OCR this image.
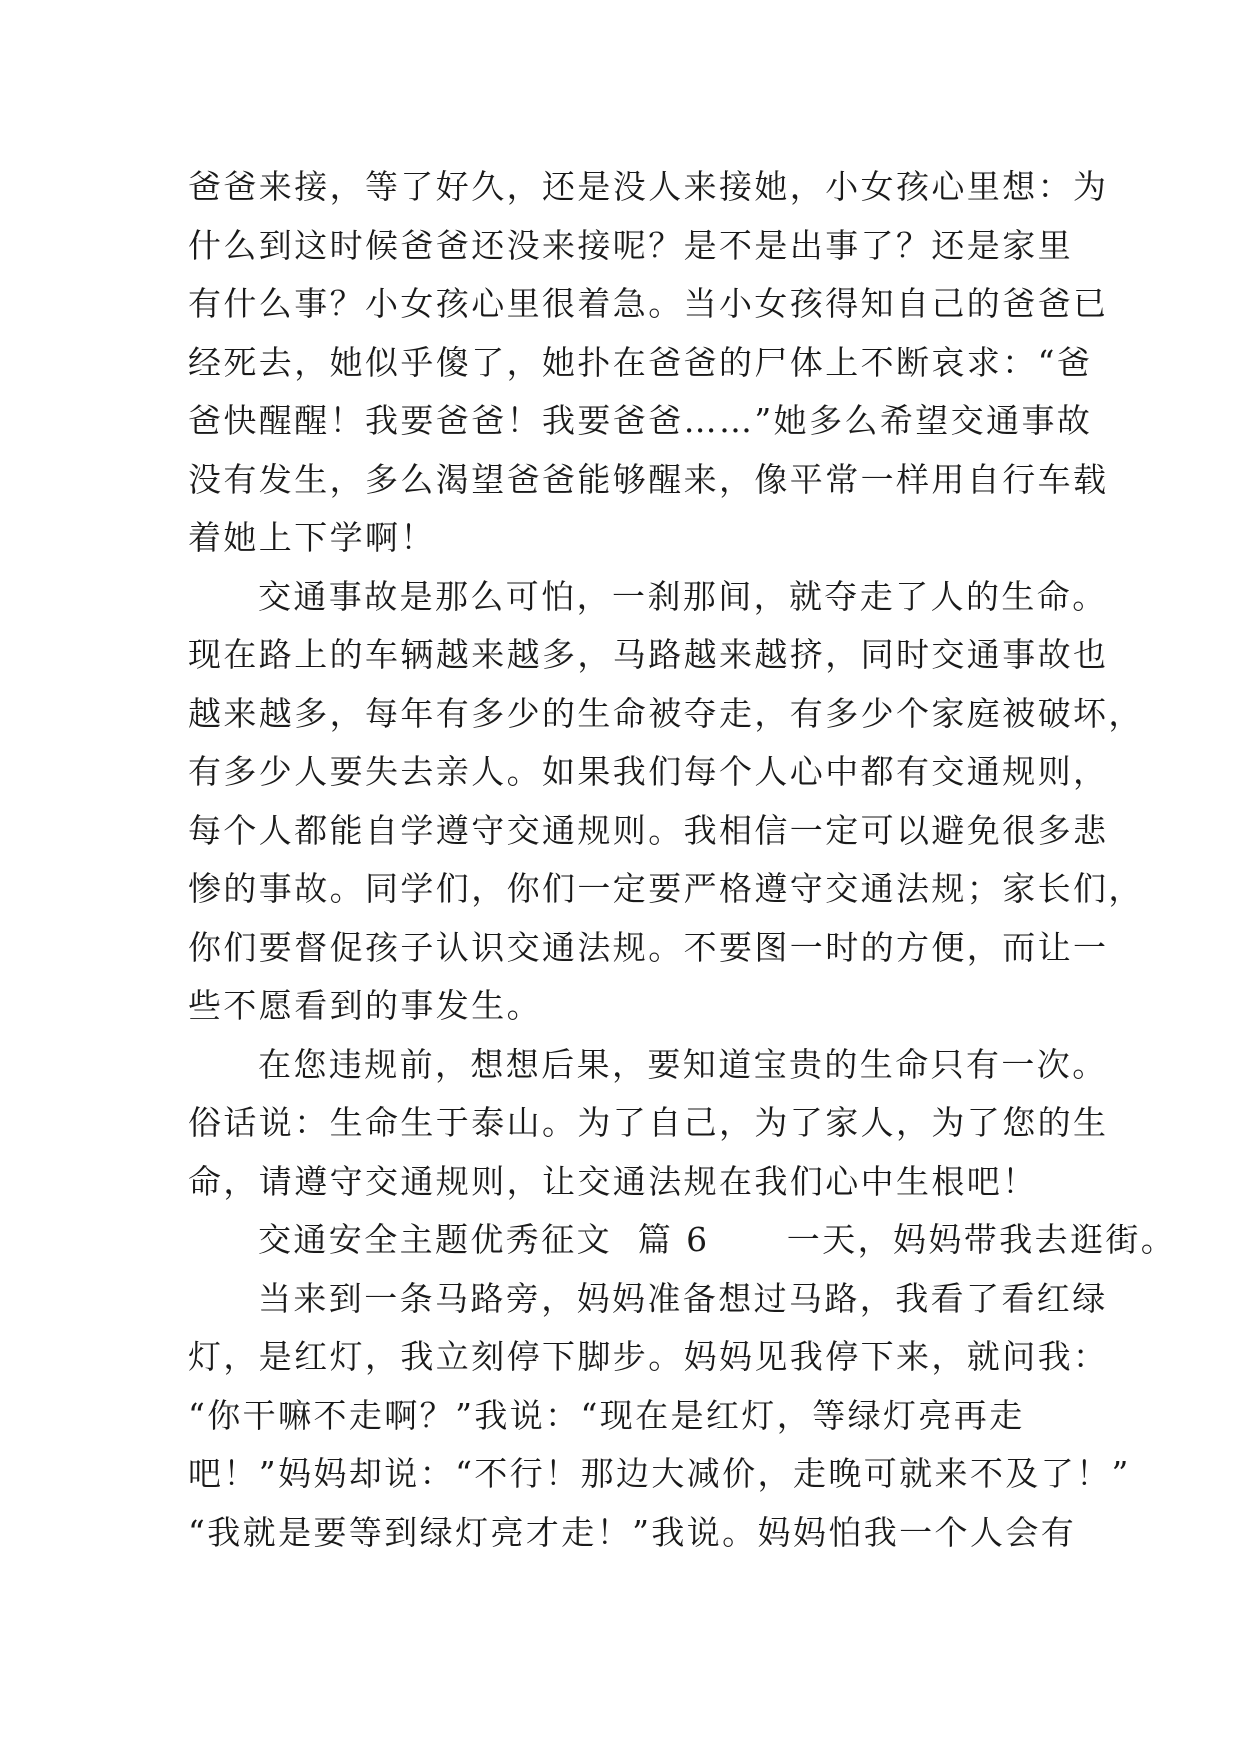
爸爸来接，等了好久，还是没人来接她，小女孩心里想：为
什么到这时候爸爸还没来接呢？是不是出事了？还是家里
有什么事？小女孩心里很着急。当小女孩得知自己的爸爸已
经死去，她似乎傻了，她扑在爸爸的尸体上不断哀求：“爸
爸快醒醒！我要爸爸！我要爸爸……”她多么希望交通事故
没有发生，多么渴望爸爸能够醒来，像平常一样用自行车载
着她上下学啊！
交通事故是那么可怕，一刹那间，就夺走了人的生命。
现在路上的车辆越来越多，马路越来越挤，同时交通事故也
越来越多，每年有多少的生命被夺走，有多少个家庭被破坏，
有多少人要失去亲人。如果我们每个人心中都有交通规则，
每个人都能自学遵守交通规则。我相信一定可以避免很多悲
惨的事故。同学们，你们一定要严格遵守交通法规；家长们，
你们要督促孩子认识交通法规。不要图一时的方便，而让一
些不愿看到的事发生。
在您违规前，想想后果，要知道宝贵的生命只有一次。
俗话说：生命生于泰山。为了自己，为了家人，为了您的生
命，请遵守交通规则，让交通法规在我们心中生根吧！
交通安全主题优秀征文  篇 6      一天，妈妈带我去逛街。
当来到一条马路旁，妈妈准备想过马路，我看了看红绿
灯，是红灯，我立刻停下脚步。妈妈见我停下来，就问我：
“你干嘛不走啊？”我说：“现在是红灯，等绿灯亮再走
吧！”妈妈却说：“不行！那边大减价，走晚可就来不及了！”
“我就是要等到绿灯亮才走！”我说。妈妈怕我一个人会有
